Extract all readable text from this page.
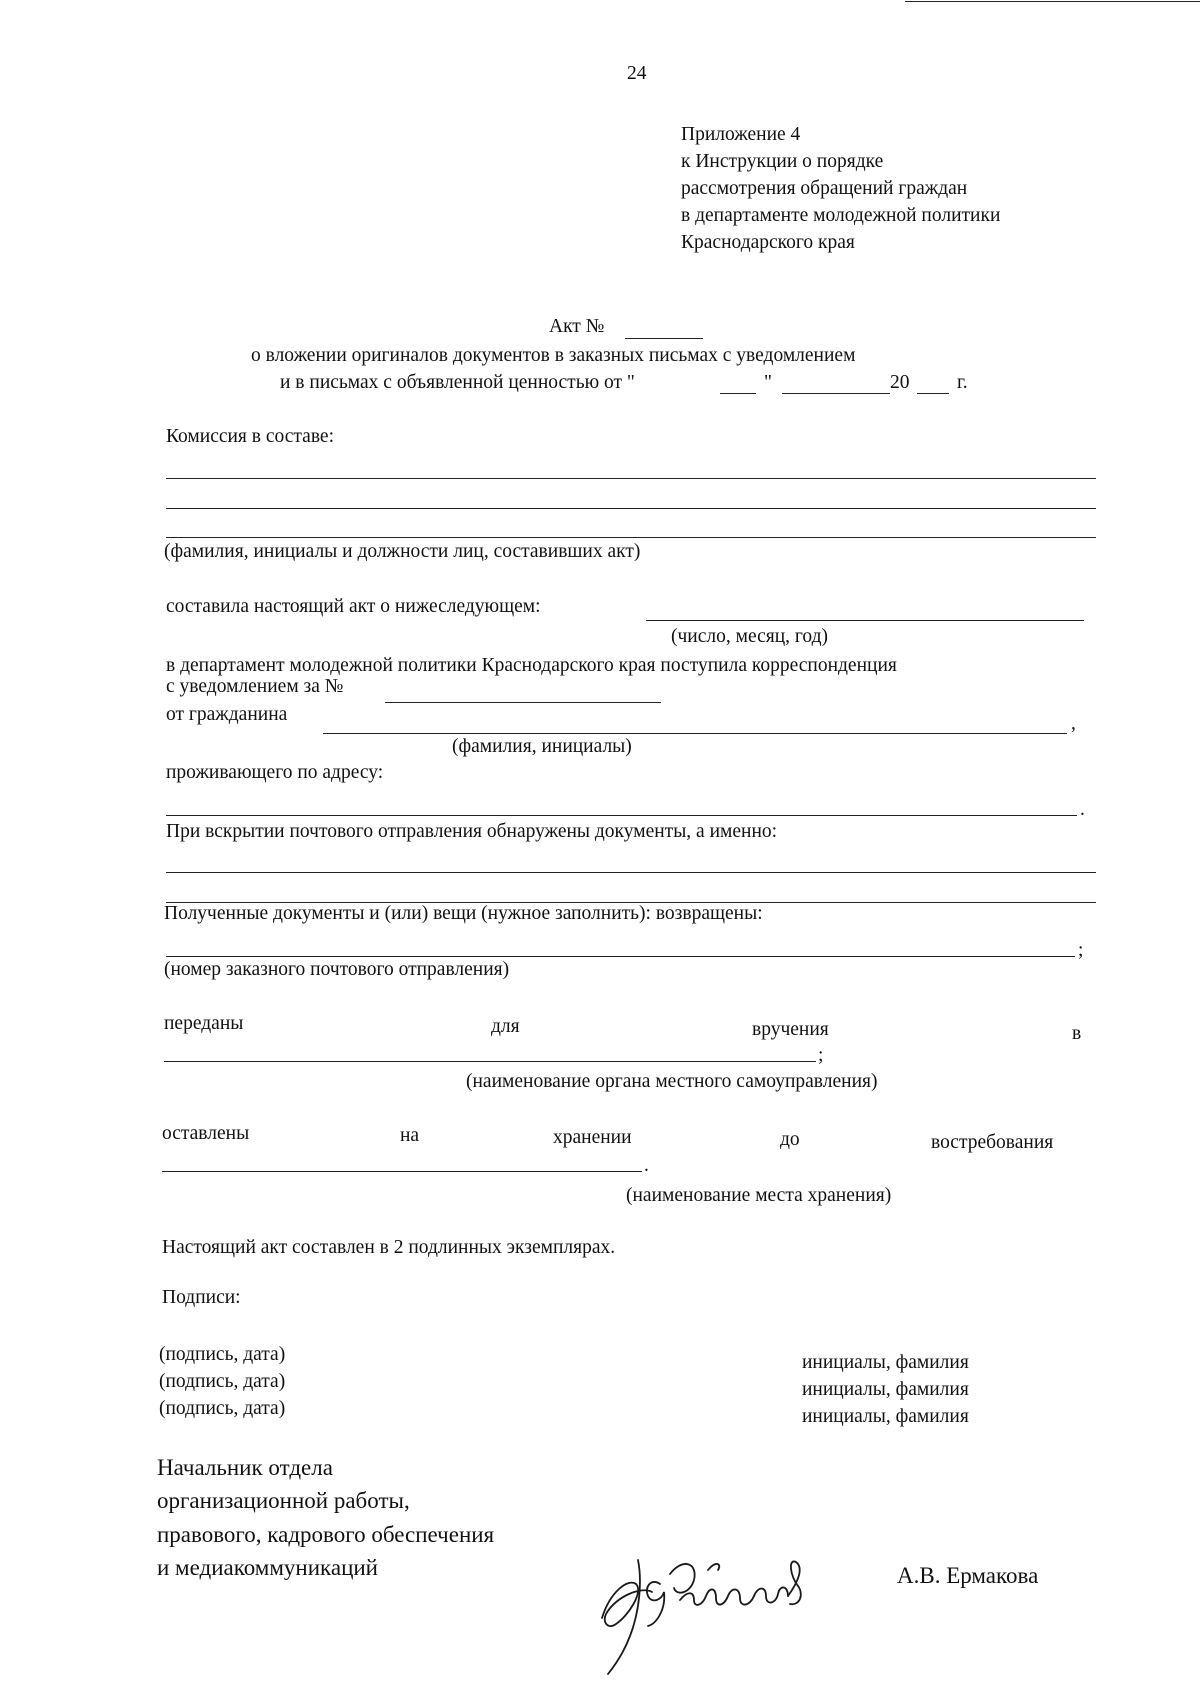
24
Приложение 4
к Инструкции о порядке
рассмотрения обращений граждан
в департаменте молодежной политики
Краснодарского края
Акт №
о вложении оригиналов документов в заказных письмах с уведомлением
и в письмах с объявленной ценностью от "	"	20 г.
Комиссия в составе:
(фамилия, инициалы и должности лиц, составивших акт)
составила настоящий акт о нижеследующем:
(число, месяц, год)
в департамент молодежной политики Краснодарского края поступила корреспонденция
с уведомлением за №
от гражданина	,
(фамилия, инициалы)
проживающего по адресу:
.
При вскрытии почтового отправления обнаружены документы, а именно:
Полученные документы и (или) вещи (нужное заполнить): возвращены:
;
(номер заказного почтового отправления)
переданы	для	вручения	в
;
(наименование органа местного самоуправления)
оставлены	на	хранении	до	востребования
.
(наименование места хранения)
Настоящий акт составлен в 2 подлинных экземплярах.
Подписи:
(подпись, дата)
(подпись, дата)
(подпись, дата)
инициалы, фамилия
инициалы, фамилия
инициалы, фамилия
Начальник отдела
организационной работы,
правового, кадрового обеспечения
и медиакоммуникаций	А.В. Ермакова
